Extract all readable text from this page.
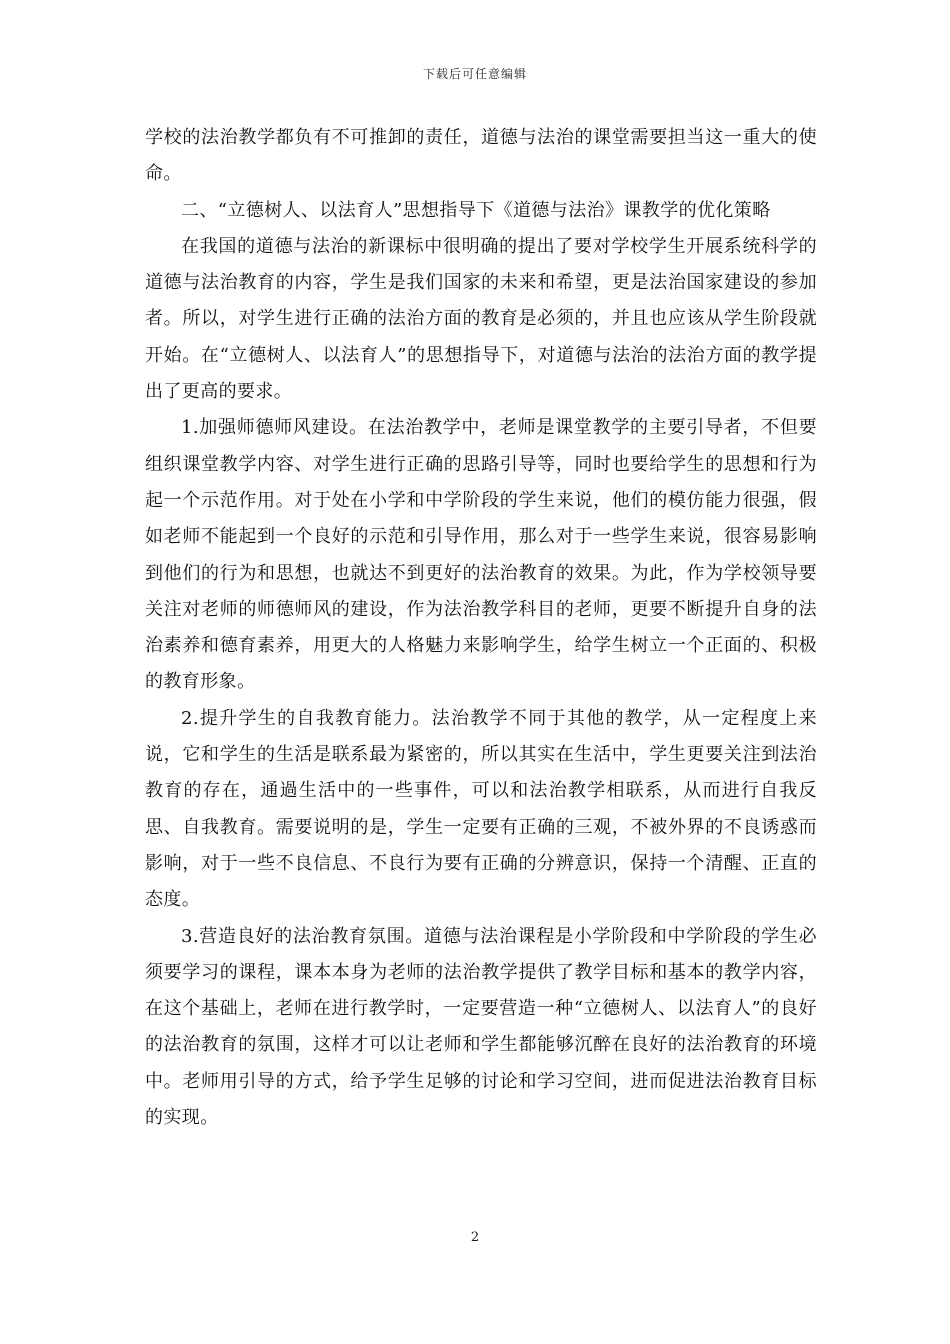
下载后可任意编辑

学校的法治教学都负有不可推卸的责任，道德与法治的课堂需要担当这一重大的使命。

二、“立德树人、以法育人”思想指导下《道德与法治》课教学的优化策略

在我国的道德与法治的新课标中很明确的提出了要对学校学生开展系统科学的道德与法治教育的内容，学生是我们国家的未来和希望，更是法治国家建设的参加者。所以，对学生进行正确的法治方面的教育是必须的，并且也应该从学生阶段就开始。在“立德树人、以法育人”的思想指导下，对道德与法治的法治方面的教学提出了更高的要求。

1.加强师德师风建设。在法治教学中，老师是课堂教学的主要引导者，不但要组织课堂教学内容、对学生进行正确的思路引导等，同时也要给学生的思想和行为起一个示范作用。对于处在小学和中学阶段的学生来说，他们的模仿能力很强，假如老师不能起到一个良好的示范和引导作用，那么对于一些学生来说，很容易影响到他们的行为和思想，也就达不到更好的法治教育的效果。为此，作为学校领导要关注对老师的师德师风的建设，作为法治教学科目的老师，更要不断提升自身的法治素养和德育素养，用更大的人格魅力来影响学生，给学生树立一个正面的、积极的教育形象。

2.提升学生的自我教育能力。法治教学不同于其他的教学，从一定程度上来说，它和学生的生活是联系最为紧密的，所以其实在生活中，学生更要关注到法治教育的存在，通過生活中的一些事件，可以和法治教学相联系，从而进行自我反思、自我教育。需要说明的是，学生一定要有正确的三观，不被外界的不良诱惑而影响，对于一些不良信息、不良行为要有正确的分辨意识，保持一个清醒、正直的态度。

3.营造良好的法治教育氛围。道德与法治课程是小学阶段和中学阶段的学生必须要学习的课程，课本本身为老师的法治教学提供了教学目标和基本的教学内容，在这个基础上，老师在进行教学时，一定要营造一种“立德树人、以法育人”的良好的法治教育的氛围，这样才可以让老师和学生都能够沉醉在良好的法治教育的环境中。老师用引导的方式，给予学生足够的讨论和学习空间，进而促进法治教育目标的实现。

2
